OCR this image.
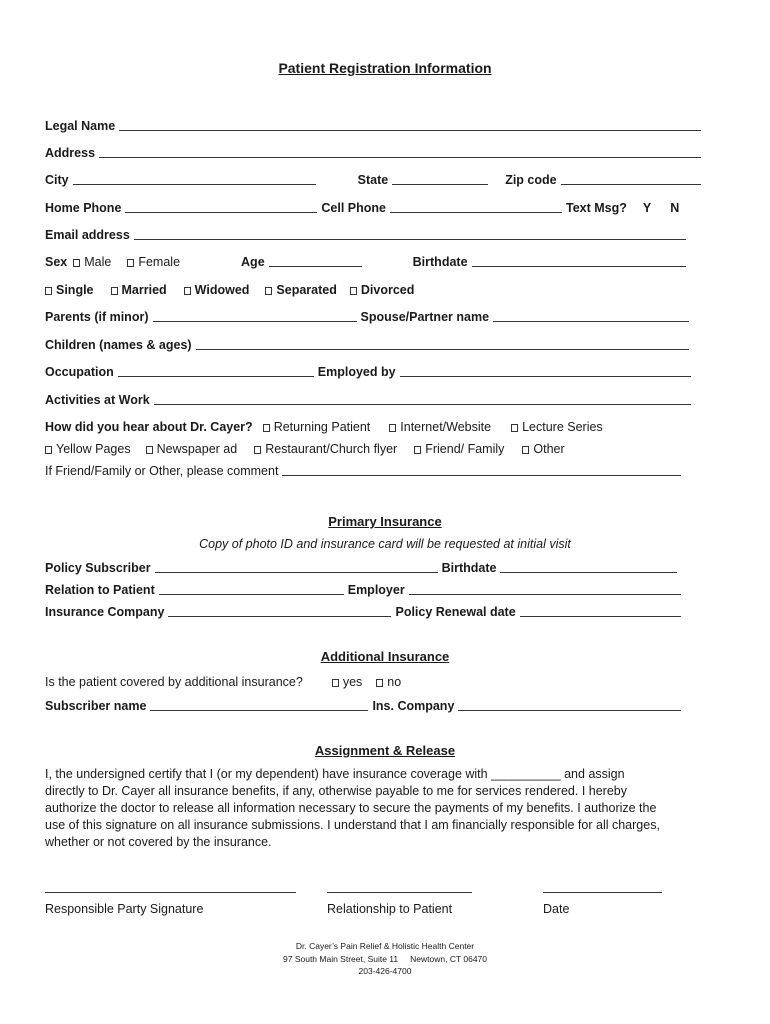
Patient Registration Information
Legal Name
Address
City	State	Zip code
Home Phone	Cell Phone	Text Msg? Y N
Email address
Sex Male Female	Age	Birthdate
Single Married Widowed Separated Divorced
Parents (if minor)	Spouse/Partner name
Children (names & ages)
Occupation	Employed by
Activities at Work
How did you hear about Dr. Cayer? Returning Patient Internet/Website Lecture Series
Yellow Pages Newspaper ad Restaurant/Church flyer Friend/ Family Other
If Friend/Family or Other, please comment
Primary Insurance
Copy of photo ID and insurance card will be requested at initial visit
Policy Subscriber	Birthdate
Relation to Patient	Employer
Insurance Company	Policy Renewal date
Additional Insurance
Is the patient covered by additional insurance?	yes no
Subscriber name	Ins. Company
Assignment & Release
I, the undersigned certify that I (or my dependent) have insurance coverage with __________ and assign
directly to Dr. Cayer all insurance benefits, if any, otherwise payable to me for services rendered. I hereby
authorize the doctor to release all information necessary to secure the payments of my benefits. I authorize the
use of this signature on all insurance submissions. I understand that I am financially responsible for all charges,
whether or not covered by the insurance.
Responsible Party Signature	Relationship to Patient	Date
Dr. Cayer’s Pain Relief & Holistic Health Center
97 South Main Street, Suite 11 Newtown, CT 06470
203-426-4700
